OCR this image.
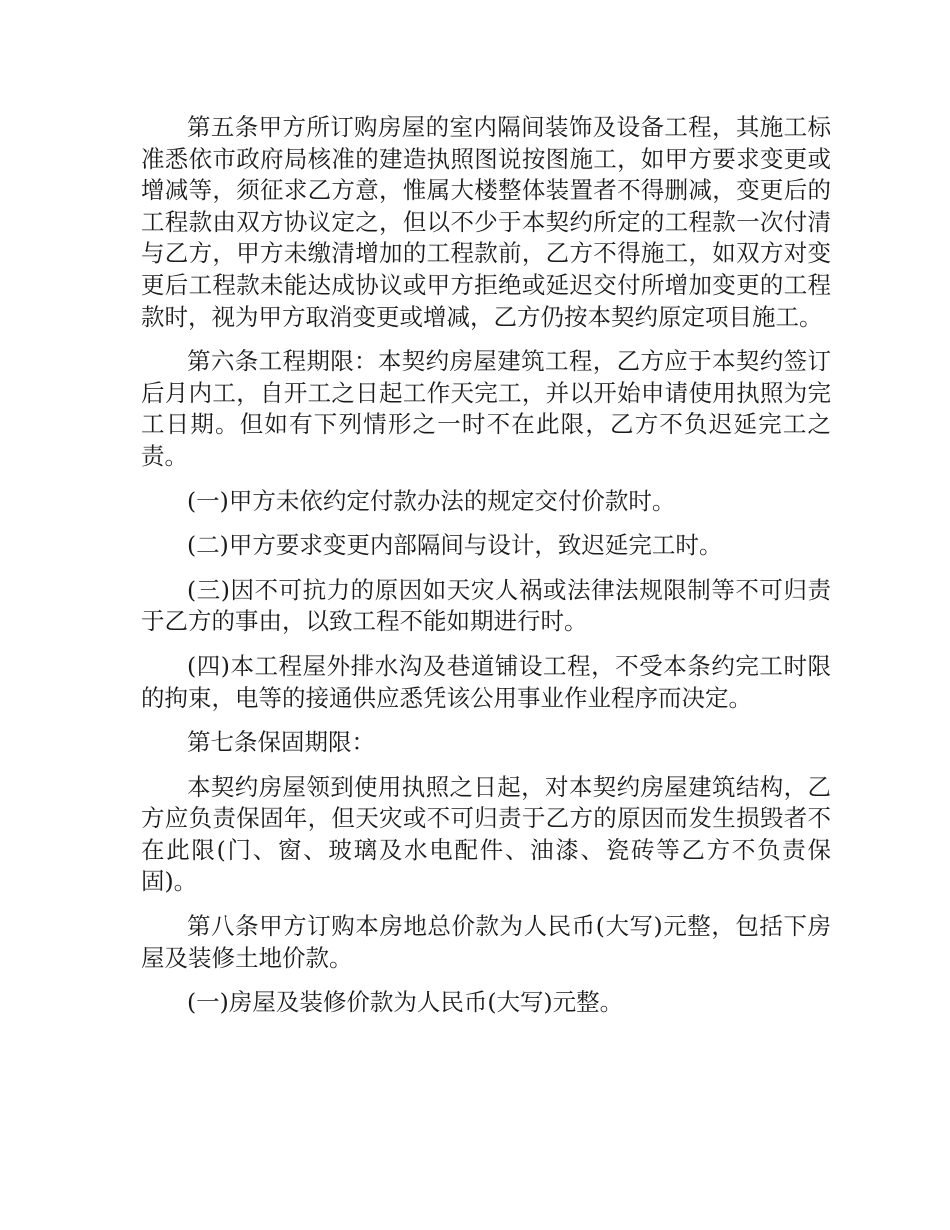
第五条甲方所订购房屋的室内隔间装饰及设备工程，其施工标准悉依市政府局核准的建造执照图说按图施工，如甲方要求变更或增减等，须征求乙方意，惟属大楼整体装置者不得删减，变更后的工程款由双方协议定之，但以不少于本契约所定的工程款一次付清与乙方，甲方未缴清增加的工程款前，乙方不得施工，如双方对变更后工程款未能达成协议或甲方拒绝或延迟交付所增加变更的工程款时，视为甲方取消变更或增减，乙方仍按本契约原定项目施工。

第六条工程期限：本契约房屋建筑工程，乙方应于本契约签订后月内工，自开工之日起工作天完工，并以开始申请使用执照为完工日期。但如有下列情形之一时不在此限，乙方不负迟延完工之责。

(一)甲方未依约定付款办法的规定交付价款时。

(二)甲方要求变更内部隔间与设计，致迟延完工时。

(三)因不可抗力的原因如天灾人祸或法律法规限制等不可归责于乙方的事由，以致工程不能如期进行时。

(四)本工程屋外排水沟及巷道铺设工程，不受本条约完工时限的拘束，电等的接通供应悉凭该公用事业作业程序而决定。

第七条保固期限：

本契约房屋领到使用执照之日起，对本契约房屋建筑结构，乙方应负责保固年，但天灾或不可归责于乙方的原因而发生损毁者不在此限(门、窗、玻璃及水电配件、油漆、瓷砖等乙方不负责保固)。

第八条甲方订购本房地总价款为人民币(大写)元整，包括下房屋及装修土地价款。

(一)房屋及装修价款为人民币(大写)元整。
